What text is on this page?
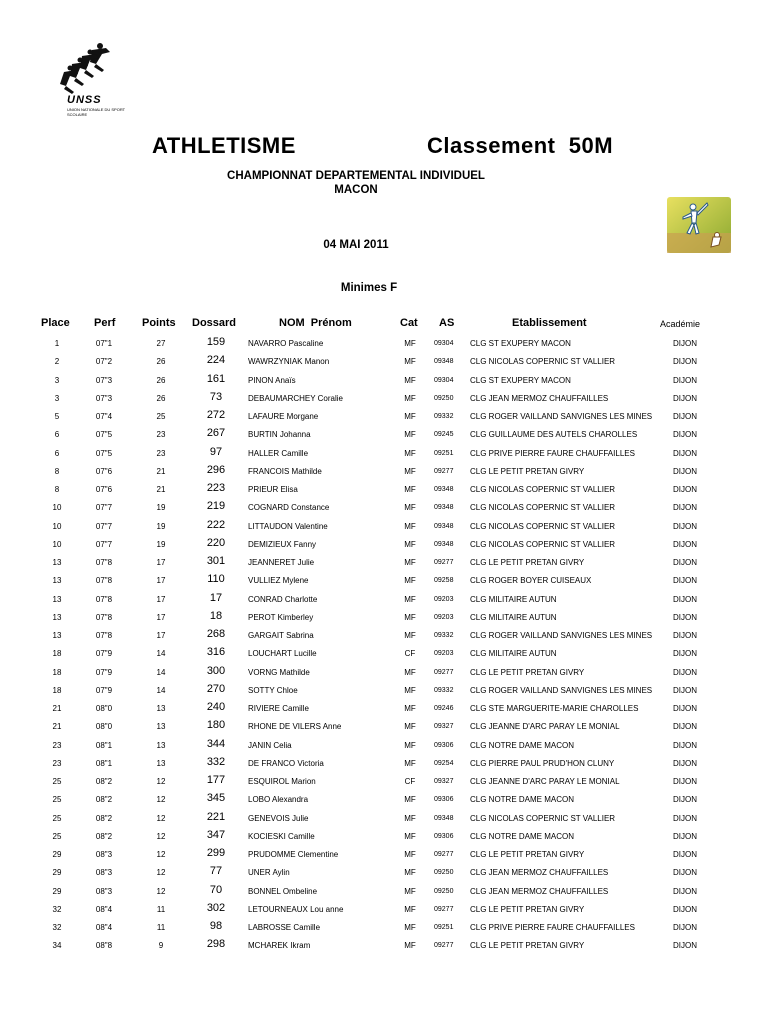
UNSS
UNION NATIONALE DU SPORT SCOLAIRE
ATHLETISME	Classement  50M
CHAMPIONNAT DEPARTEMENTAL INDIVIDUEL
MACON
04 MAI 2011
Minimes F
Place Perf Points Dossard	NOM  Prénom	Cat AS	Etablissement	Académie
1	07"1	27	159	NAVARRO Pascaline	MF	09304 CLG ST EXUPERY MACON	DIJON
2	07"2	26	224	WAWRZYNIAK Manon	MF	09348 CLG NICOLAS COPERNIC ST VALLIER	DIJON
3	07"3	26	161	PINON Anaïs	MF	09304 CLG ST EXUPERY MACON	DIJON
3	07"3	26	73	DEBAUMARCHEY Coralie	MF	09250 CLG JEAN MERMOZ CHAUFFAILLES	DIJON
5	07"4	25	272	LAFAURE Morgane	MF	09332 CLG ROGER VAILLAND SANVIGNES LES MINES	DIJON
6	07"5	23	267	BURTIN Johanna	MF	09245 CLG GUILLAUME DES AUTELS CHAROLLES	DIJON
6	07"5	23	97	HALLER Camille	MF	09251 CLG PRIVE PIERRE FAURE CHAUFFAILLES	DIJON
8	07"6	21	296	FRANCOIS Mathilde	MF	09277 CLG LE PETIT PRETAN GIVRY	DIJON
8	07"6	21	223	PRIEUR Elisa	MF	09348 CLG NICOLAS COPERNIC ST VALLIER	DIJON
10	07"7	19	219	COGNARD Constance	MF	09348 CLG NICOLAS COPERNIC ST VALLIER	DIJON
10	07"7	19	222	LITTAUDON Valentine	MF	09348 CLG NICOLAS COPERNIC ST VALLIER	DIJON
10	07"7	19	220	DEMIZIEUX Fanny	MF	09348 CLG NICOLAS COPERNIC ST VALLIER	DIJON
13	07"8	17	301	JEANNERET Julie	MF	09277 CLG LE PETIT PRETAN GIVRY	DIJON
13	07"8	17	110	VULLIEZ Mylene	MF	09258 CLG ROGER BOYER CUISEAUX	DIJON
13	07"8	17	17	CONRAD Charlotte	MF	09203 CLG MILITAIRE AUTUN	DIJON
13	07"8	17	18	PEROT Kimberley	MF	09203 CLG MILITAIRE AUTUN	DIJON
13	07"8	17	268	GARGAIT Sabrina	MF	09332 CLG ROGER VAILLAND SANVIGNES LES MINES	DIJON
18	07"9	14	316	LOUCHART Lucille	CF	09203 CLG MILITAIRE AUTUN	DIJON
18	07"9	14	300	VORNG Mathilde	MF	09277 CLG LE PETIT PRETAN GIVRY	DIJON
18	07"9	14	270	SOTTY Chloe	MF	09332 CLG ROGER VAILLAND SANVIGNES LES MINES	DIJON
21	08"0	13	240	RIVIERE Camille	MF	09246 CLG STE MARGUERITE-MARIE CHAROLLES	DIJON
21	08"0	13	180	RHONE DE VILERS Anne	MF	09327 CLG JEANNE D'ARC PARAY LE MONIAL	DIJON
23	08"1	13	344	JANIN Celia	MF	09306 CLG NOTRE DAME MACON	DIJON
23	08"1	13	332	DE FRANCO Victoria	MF	09254 CLG PIERRE PAUL PRUD'HON CLUNY	DIJON
25	08"2	12	177	ESQUIROL Marion	CF	09327 CLG JEANNE D'ARC PARAY LE MONIAL	DIJON
25	08"2	12	345	LOBO Alexandra	MF	09306 CLG NOTRE DAME MACON	DIJON
25	08"2	12	221	GENEVOIS Julie	MF	09348 CLG NICOLAS COPERNIC ST VALLIER	DIJON
25	08"2	12	347	KOCIESKI Camille	MF	09306 CLG NOTRE DAME MACON	DIJON
29	08"3	12	299	PRUDOMME Clementine	MF	09277 CLG LE PETIT PRETAN GIVRY	DIJON
29	08"3	12	77	UNER Aylin	MF	09250 CLG JEAN MERMOZ CHAUFFAILLES	DIJON
29	08"3	12	70	BONNEL Ombeline	MF	09250 CLG JEAN MERMOZ CHAUFFAILLES	DIJON
32	08"4	11	302	LETOURNEAUX Lou anne	MF	09277 CLG LE PETIT PRETAN GIVRY	DIJON
32	08"4	11	98	LABROSSE Camille	MF	09251 CLG PRIVE PIERRE FAURE CHAUFFAILLES	DIJON
34	08"8	9	298	MCHAREK Ikram	MF	09277 CLG LE PETIT PRETAN GIVRY	DIJON
